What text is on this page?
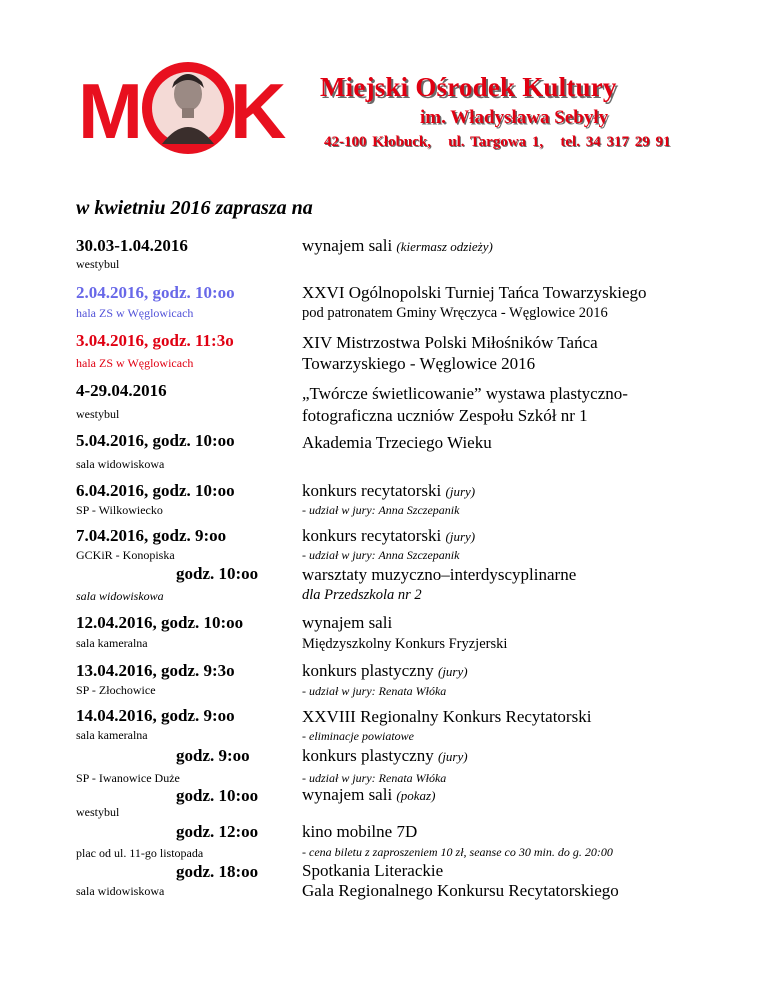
M K Miejski Ośrodek Kultury
im. Władysława Sebyły
42-100 Kłobuck,   ul. Targowa 1,   tel. 34 317 29 91
w kwietniu 2016 zaprasza na
30.03-1.04.2016
westybul
wynajem sali (kiermasz odzieży)
2.04.2016, godz. 10:oo
hala ZS w Węglowicach
XXVI Ogólnopolski Turniej Tańca Towarzyskiego
pod patronatem Gminy Wręczyca - Węglowice 2016
3.04.2016, godz. 11:3o
hala ZS w Węglowicach
XIV Mistrzostwa Polski Miłośników Tańca
Towarzyskiego - Węglowice 2016
4-29.04.2016
westybul
„Twórcze świetlicowanie” wystawa plastyczno-
fotograficzna uczniów Zespołu Szkół nr 1
5.04.2016, godz. 10:oo
sala widowiskowa
Akademia Trzeciego Wieku
6.04.2016, godz. 10:oo
SP - Wilkowiecko
konkurs recytatorski (jury)
- udział w jury: Anna Szczepanik
7.04.2016, godz. 9:oo
GCKiR - Konopiska
konkurs recytatorski (jury)
- udział w jury: Anna Szczepanik
godz. 10:oo
sala widowiskowa
warsztaty muzyczno–interdyscyplinarne
dla Przedszkola nr 2
12.04.2016, godz. 10:oo
sala kameralna
wynajem sali
Międzyszkolny Konkurs Fryzjerski
13.04.2016, godz. 9:3o
SP - Złochowice
konkurs plastyczny (jury)
- udział w jury: Renata Włóka
14.04.2016, godz. 9:oo
sala kameralna
XXVIII Regionalny Konkurs Recytatorski
- eliminacje powiatowe
godz. 9:oo
SP - Iwanowice Duże
konkurs plastyczny (jury)
- udział w jury: Renata Włóka
godz. 10:oo
westybul
wynajem sali (pokaz)
godz. 12:oo
plac od ul. 11-go listopada
kino mobilne 7D
- cena biletu z zaproszeniem 10 zł, seanse co 30 min. do g. 20:00
godz. 18:oo
sala widowiskowa
Spotkania Literackie
Gala Regionalnego Konkursu Recytatorskiego
